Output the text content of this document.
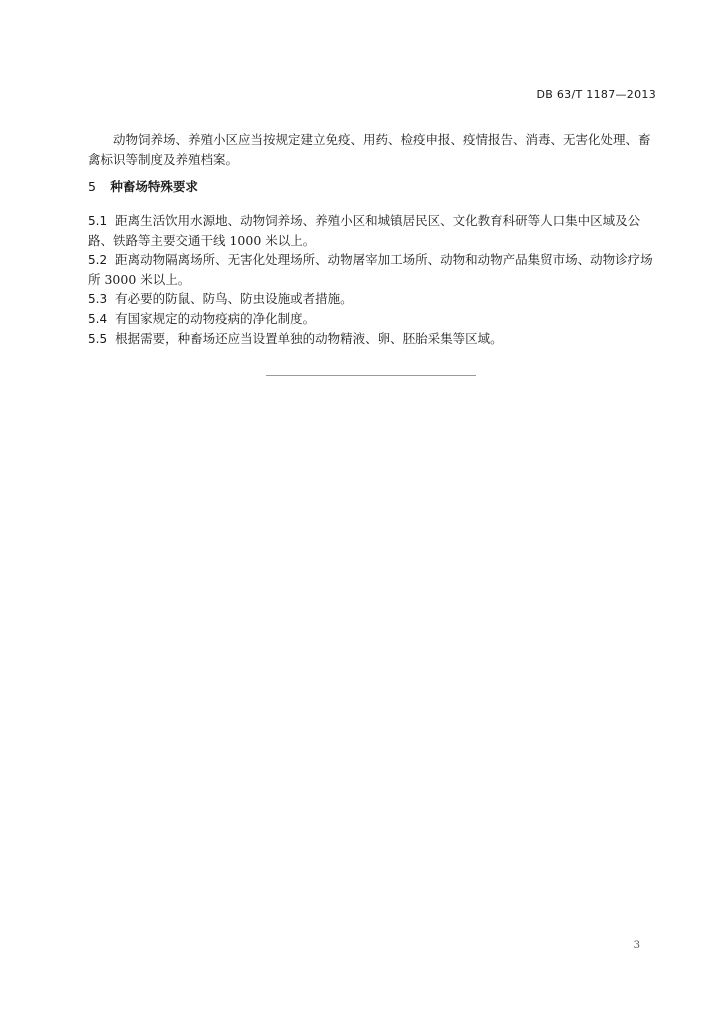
DB 63/T 1187—2013

动物饲养场、养殖小区应当按规定建立免疫、用药、检疫申报、疫情报告、消毒、无害化处理、畜禽标识等制度及养殖档案。

5 种畜场特殊要求
5.1 距离生活饮用水源地、动物饲养场、养殖小区和城镇居民区、文化教育科研等人口集中区域及公路、铁路等主要交通干线 1000 米以上。
5.2 距离动物隔离场所、无害化处理场所、动物屠宰加工场所、动物和动物产品集贸市场、动物诊疗场所 3000 米以上。
5.3 有必要的防鼠、防鸟、防虫设施或者措施。
5.4 有国家规定的动物疫病的净化制度。
5.5 根据需要，种畜场还应当设置单独的动物精液、卵、胚胎采集等区域。
3
